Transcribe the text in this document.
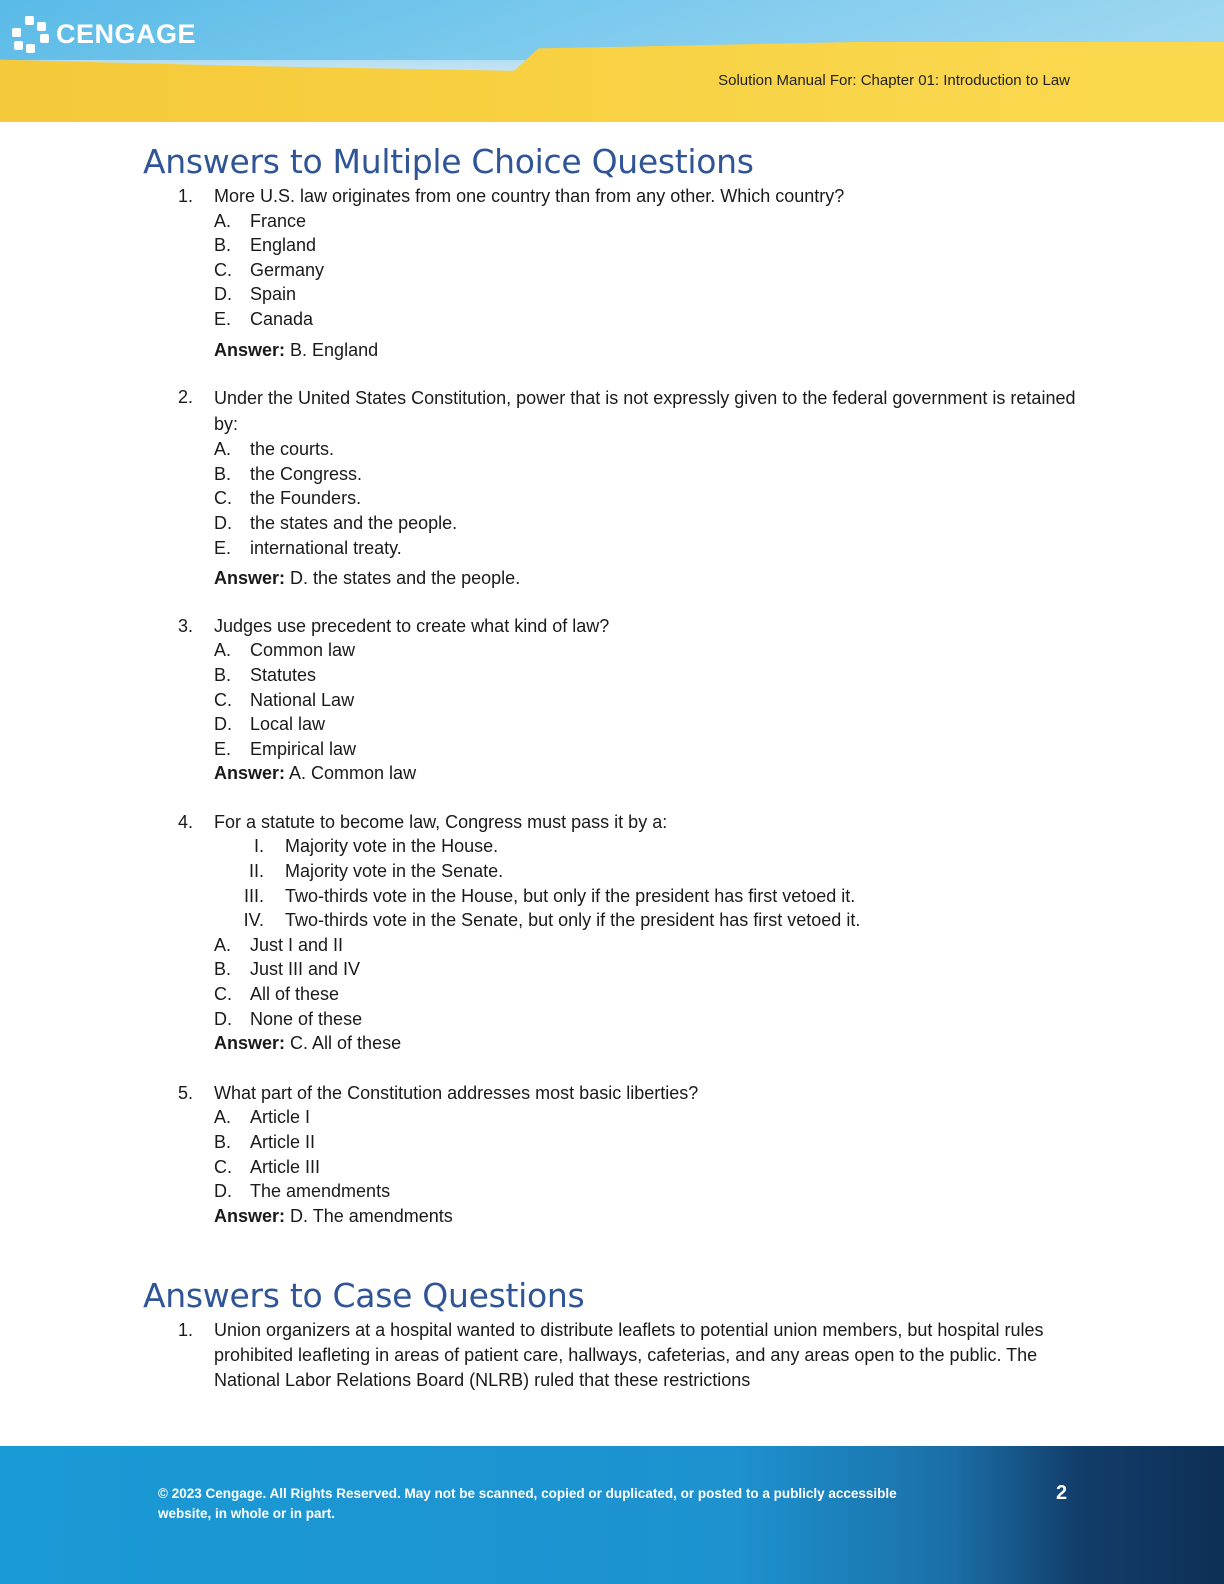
CENGAGE
Solution Manual For: Chapter 01: Introduction to Law
Answers to Multiple Choice Questions
1. More U.S. law originates from one country than from any other. Which country?
A. France
B. England
C. Germany
D. Spain
E. Canada
Answer: B. England
2. Under the United States Constitution, power that is not expressly given to the federal government is retained by:
A. the courts.
B. the Congress.
C. the Founders.
D. the states and the people.
E. international treaty.
Answer: D. the states and the people.
3. Judges use precedent to create what kind of law?
A. Common law
B. Statutes
C. National Law
D. Local law
E. Empirical law
Answer: A. Common law
4. For a statute to become law, Congress must pass it by a:
I. Majority vote in the House.
II. Majority vote in the Senate.
III. Two-thirds vote in the House, but only if the president has first vetoed it.
IV. Two-thirds vote in the Senate, but only if the president has first vetoed it.
A. Just I and II
B. Just III and IV
C. All of these
D. None of these
Answer: C. All of these
5. What part of the Constitution addresses most basic liberties?
A. Article I
B. Article II
C. Article III
D. The amendments
Answer: D. The amendments
Answers to Case Questions
1. Union organizers at a hospital wanted to distribute leaflets to potential union members, but hospital rules prohibited leafleting in areas of patient care, hallways, cafeterias, and any areas open to the public. The National Labor Relations Board (NLRB) ruled that these restrictions
© 2023 Cengage. All Rights Reserved. May not be scanned, copied or duplicated, or posted to a publicly accessible website, in whole or in part.
2
